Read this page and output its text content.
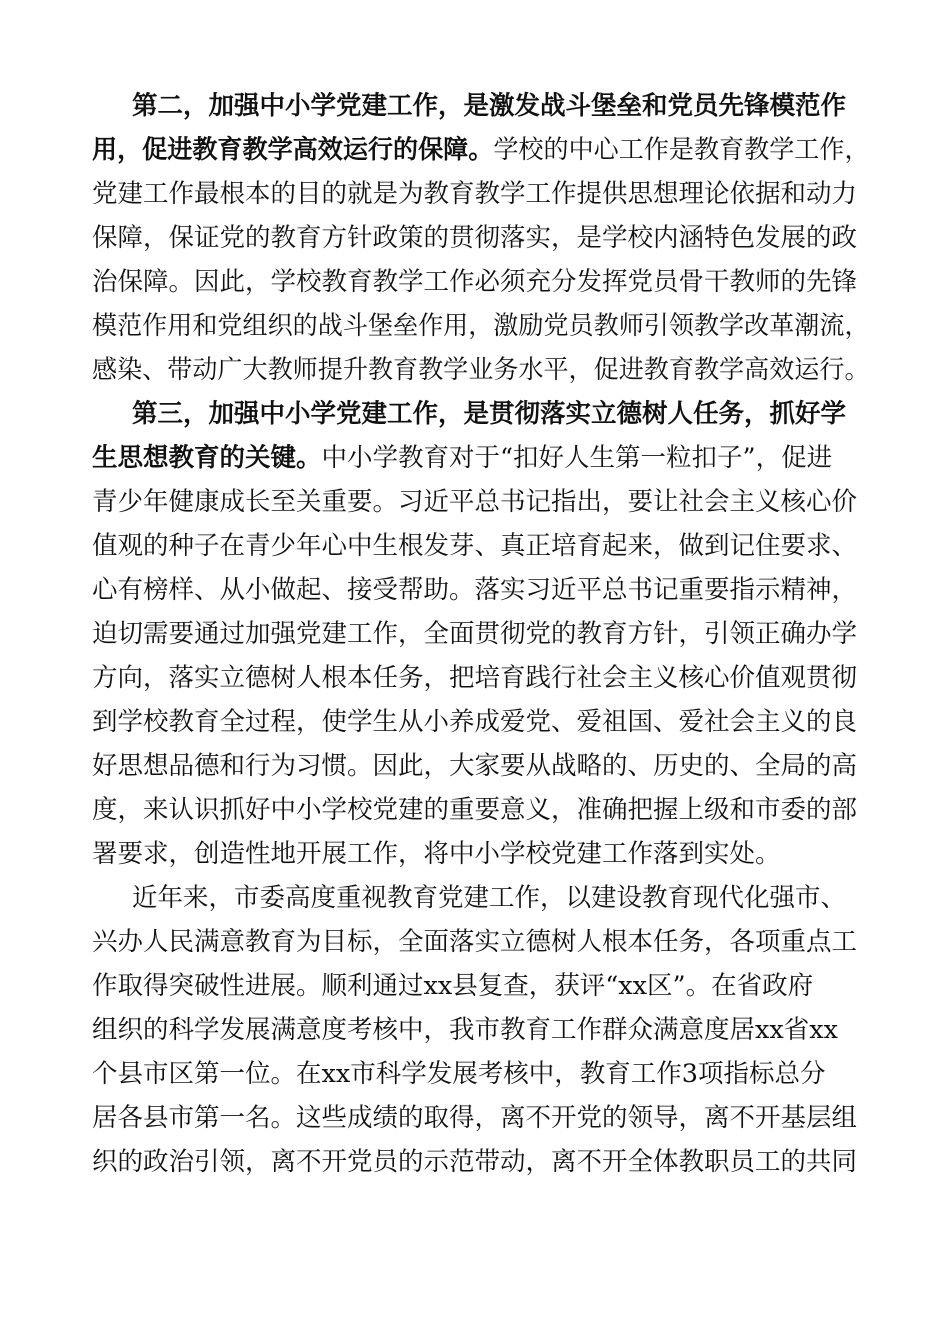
第二，加强中小学党建工作，是激发战斗堡垒和党员先锋模范作
用，促进教育教学高效运行的保障。学校的中心工作是教育教学工作，
党建工作最根本的目的就是为教育教学工作提供思想理论依据和动力
保障，保证党的教育方针政策的贯彻落实，是学校内涵特色发展的政
治保障。因此，学校教育教学工作必须充分发挥党员骨干教师的先锋
模范作用和党组织的战斗堡垒作用，激励党员教师引领教学改革潮流，
感染、带动广大教师提升教育教学业务水平，促进教育教学高效运行。
第三，加强中小学党建工作，是贯彻落实立德树人任务，抓好学
生思想教育的关键。中小学教育对于“扣好人生第一粒扣子”，促进
青少年健康成长至关重要。习近平总书记指出，要让社会主义核心价
值观的种子在青少年心中生根发芽、真正培育起来，做到记住要求、
心有榜样、从小做起、接受帮助。落实习近平总书记重要指示精神，
迫切需要通过加强党建工作，全面贯彻党的教育方针，引领正确办学
方向，落实立德树人根本任务，把培育践行社会主义核心价值观贯彻
到学校教育全过程，使学生从小养成爱党、爱祖国、爱社会主义的良
好思想品德和行为习惯。因此，大家要从战略的、历史的、全局的高
度，来认识抓好中小学校党建的重要意义，准确把握上级和市委的部
署要求，创造性地开展工作，将中小学校党建工作落到实处。
近年来，市委高度重视教育党建工作，以建设教育现代化强市、
兴办人民满意教育为目标，全面落实立德树人根本任务，各项重点工
作取得突破性进展。顺利通过xx县复查，获评“xx区”。在省政府
组织的科学发展满意度考核中，我市教育工作群众满意度居xx省xx
个县市区第一位。在xx市科学发展考核中，教育工作3项指标总分
居各县市第一名。这些成绩的取得，离不开党的领导，离不开基层组
织的政治引领，离不开党员的示范带动，离不开全体教职员工的共同
